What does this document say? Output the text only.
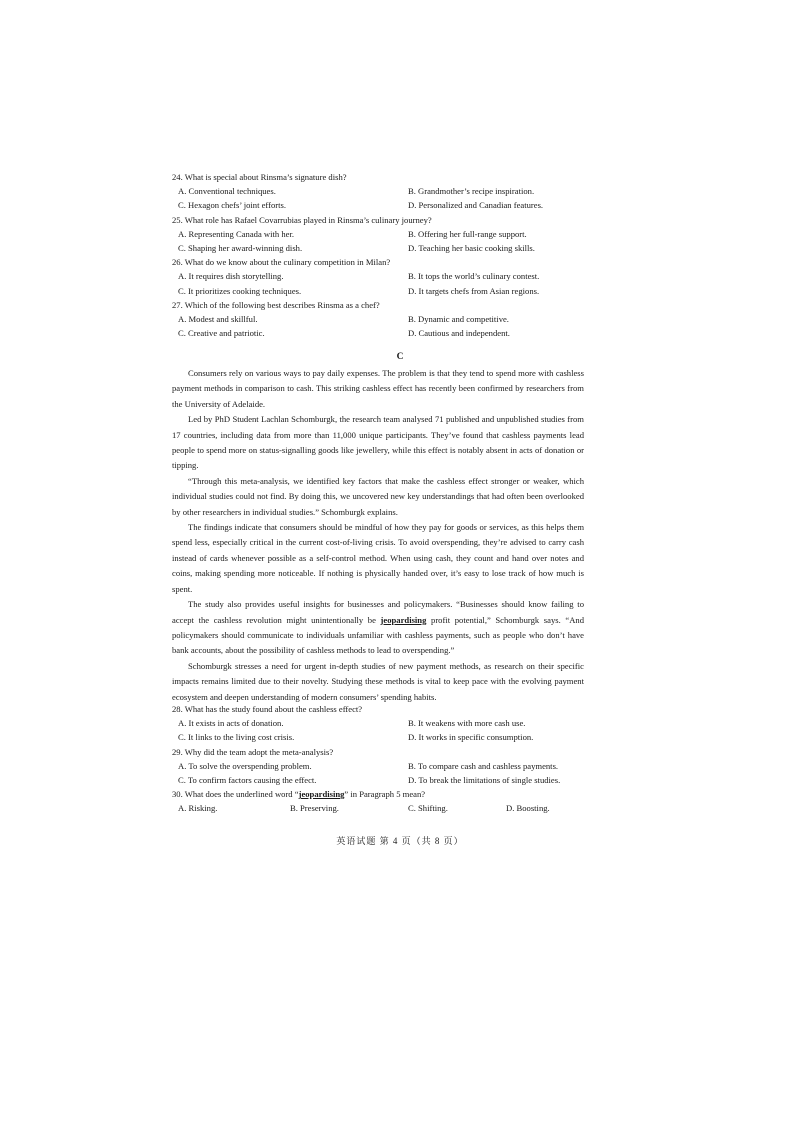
24. What is special about Rinsma’s signature dish?
A. Conventional techniques.	B. Grandmother’s recipe inspiration.
C. Hexagon chefs’ joint efforts.	D. Personalized and Canadian features.
25. What role has Rafael Covarrubias played in Rinsma’s culinary journey?
A. Representing Canada with her.	B. Offering her full-range support.
C. Shaping her award-winning dish.	D. Teaching her basic cooking skills.
26. What do we know about the culinary competition in Milan?
A. It requires dish storytelling.	B. It tops the world’s culinary contest.
C. It prioritizes cooking techniques.	D. It targets chefs from Asian regions.
27. Which of the following best describes Rinsma as a chef?
A. Modest and skillful.	B. Dynamic and competitive.
C. Creative and patriotic.	D. Cautious and independent.
C

Consumers rely on various ways to pay daily expenses. The problem is that they tend to spend more with cashless payment methods in comparison to cash. This striking cashless effect has recently been confirmed by researchers from the University of Adelaide.

Led by PhD Student Lachlan Schomburgk, the research team analysed 71 published and unpublished studies from 17 countries, including data from more than 11,000 unique participants. They’ve found that cashless payments lead people to spend more on status-signalling goods like jewellery, while this effect is notably absent in acts of donation or tipping.

“Through this meta-analysis, we identified key factors that make the cashless effect stronger or weaker, which individual studies could not find. By doing this, we uncovered new key understandings that had often been overlooked by other researchers in individual studies.” Schomburgk explains.

The findings indicate that consumers should be mindful of how they pay for goods or services, as this helps them spend less, especially critical in the current cost-of-living crisis. To avoid overspending, they’re advised to carry cash instead of cards whenever possible as a self-control method. When using cash, they count and hand over notes and coins, making spending more noticeable. If nothing is physically handed over, it’s easy to lose track of how much is spent.

The study also provides useful insights for businesses and policymakers. “Businesses should know failing to accept the cashless revolution might unintentionally be jeopardising profit potential,” Schomburgk says. “And policymakers should communicate to individuals unfamiliar with cashless payments, such as people who don’t have bank accounts, about the possibility of cashless methods to lead to overspending.”

Schomburgk stresses a need for urgent in-depth studies of new payment methods, as research on their specific impacts remains limited due to their novelty. Studying these methods is vital to keep pace with the evolving payment ecosystem and deepen understanding of modern consumers’ spending habits.

28. What has the study found about the cashless effect?
A. It exists in acts of donation.	B. It weakens with more cash use.
C. It links to the living cost crisis.	D. It works in specific consumption.
29. Why did the team adopt the meta-analysis?
A. To solve the overspending problem.	B. To compare cash and cashless payments.
C. To confirm factors causing the effect.	D. To break the limitations of single studies.
30. What does the underlined word “jeopardising” in Paragraph 5 mean?
A. Risking.	B. Preserving.	C. Shifting.	D. Boosting.
英语试题 第 4 页（共 8 页）
